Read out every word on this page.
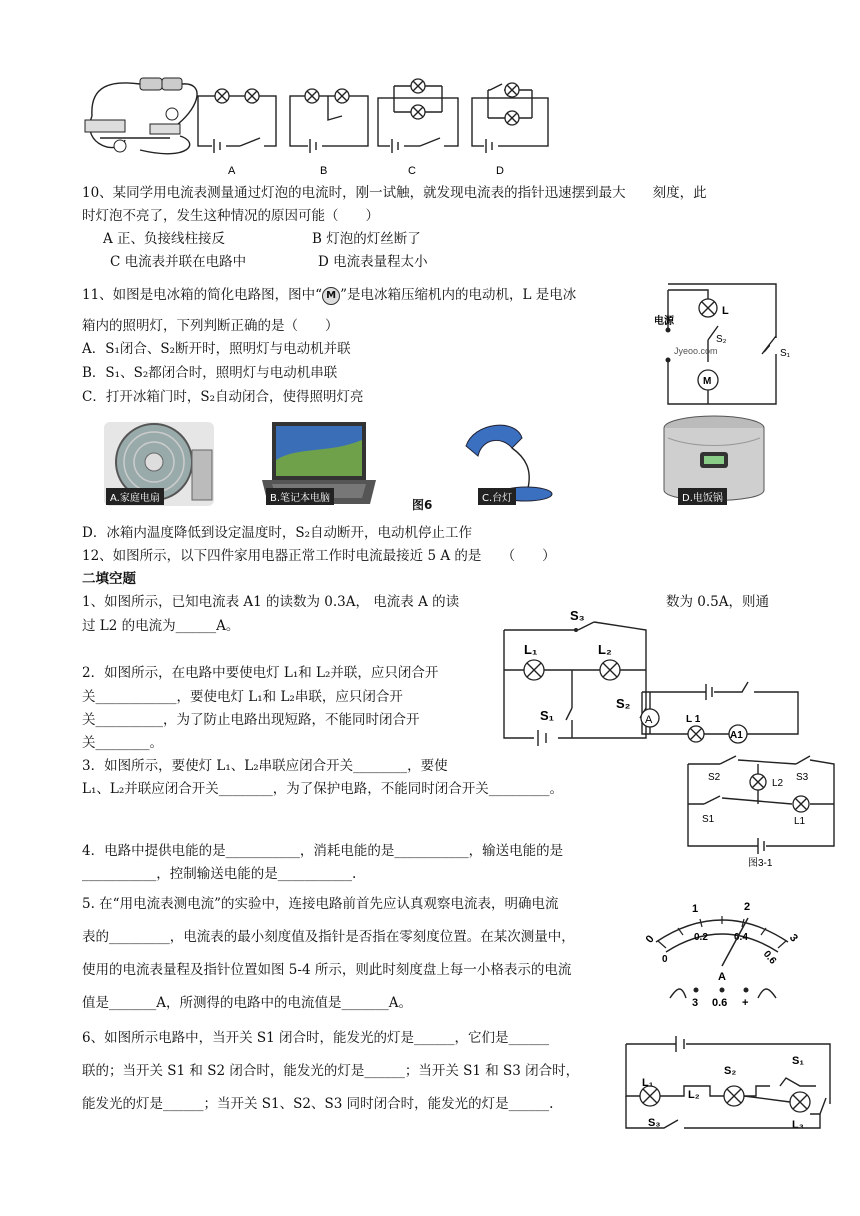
A	B	C	D
10、某同学用电流表测量通过灯泡的电流时，刚一试触，就发现电流表的指针迅速摆到最大　　刻度，此
时灯泡不亮了，发生这种情况的原因可能（　　）
A 正、负接线柱接反	B 灯泡的灯丝断了
C 电流表并联在电路中	D 电流表量程太小
11、如图是电冰箱的简化电路图，图中“ M ”是电冰箱压缩机内的电动机，L 是电冰
箱内的照明灯，下列判断正确的是（　　）
A．S₁闭合、S₂断开时，照明灯与电动机并联
B．S₁、S₂都闭合时，照明灯与电动机串联
C．打开冰箱门时，S₂自动闭合，使得照明灯亮
L
电源
S₂
S₁
M
Jyeoo.com
A.家庭电扇	B.笔记本电脑	图6	C.台灯	D.电饭锅
D．冰箱内温度降低到设定温度时，S₂自动断开，电动机停止工作
12、如图所示，以下四件家用电器正常工作时电流最接近 5 A 的是　　（　　）
二填空题
1、如图所示，已知电流表 A1 的读数为 0.3A， 电流表 A 的读	数为 0.5A，则通
过 L2 的电流为______A。
S₃
L₁	L₂
S₁
S₂
A	L 1
A1
2．如图所示，在电路中要使电灯 L₁和 L₂并联，应只闭合开
关____________，要使电灯 L₁和 L₂串联，应只闭合开
关__________，为了防止电路出现短路，不能同时闭合开
关________。
3．如图所示，要使灯 L₁、L₂串联应闭合开关________，要使
L₁、L₂并联应闭合开关________，为了保护电路，不能同时闭合开关_________。
S2	S3
L2
S1	L1
图3-1
4．电路中提供电能的是___________，消耗电能的是___________，输送电能的是
___________，控制输送电能的是___________.
5. 在“用电流表测电流”的实验中，连接电路前首先应认真观察电流表，明确电流
表的_________，电流表的最小刻度值及指针是否指在零刻度位置。在某次测量中，
使用的电流表量程及指针位置如图 5-4 所示，则此时刻度盘上每一小格表示的电流
值是_______A，所测得的电路中的电流值是_______A。
0
1	2
3
0
0.2	0.4
0.6
A
3 0.6 +
6、如图所示电路中，当开关 S1 闭合时，能发光的灯是______，它们是______
联的；当开关 S1 和 S2 闭合时，能发光的灯是______；当开关 S1 和 S3 闭合时，
能发光的灯是______；当开关 S1、S2、S3 同时闭合时，能发光的灯是______.
L₁
L₂
L₃
S₁
S₂
S₃
